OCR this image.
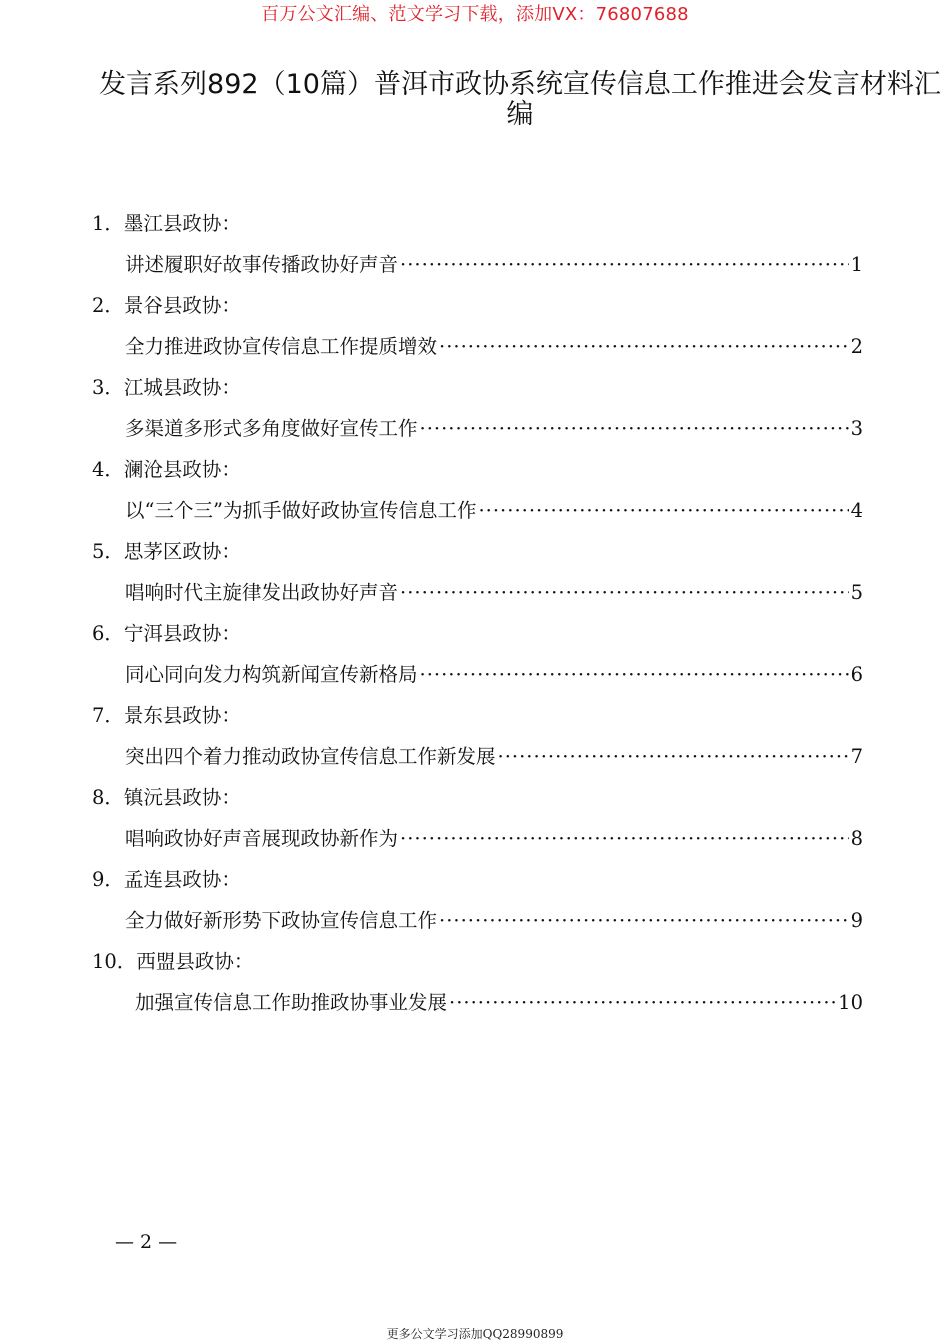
百万公文汇编、范文学习下载，添加VX：76807688
发言系列892（10篇）普洱市政协系统宣传信息工作推进会发言材料汇编
1．墨江县政协：
讲述履职好故事传播政协好声音 ·····	1
2．景谷县政协：
全力推进政协宣传信息工作提质增效 ·····	2
3．江城县政协：
多渠道多形式多角度做好宣传工作 ·····	3
4．澜沧县政协：
以“三个三”为抓手做好政协宣传信息工作 ·····	4
5．思茅区政协：
唱响时代主旋律发出政协好声音 ·····	5
6．宁洱县政协：
同心同向发力构筑新闻宣传新格局 ·····	6
7．景东县政协：
突出四个着力推动政协宣传信息工作新发展 ·····	7
8．镇沅县政协：
唱响政协好声音展现政协新作为 ·····	8
9．孟连县政协：
全力做好新形势下政协宣传信息工作 ·····	9
10．西盟县政协：
加强宣传信息工作助推政协事业发展 ·····	10
— 2 —
更多公文学习添加QQ28990899
